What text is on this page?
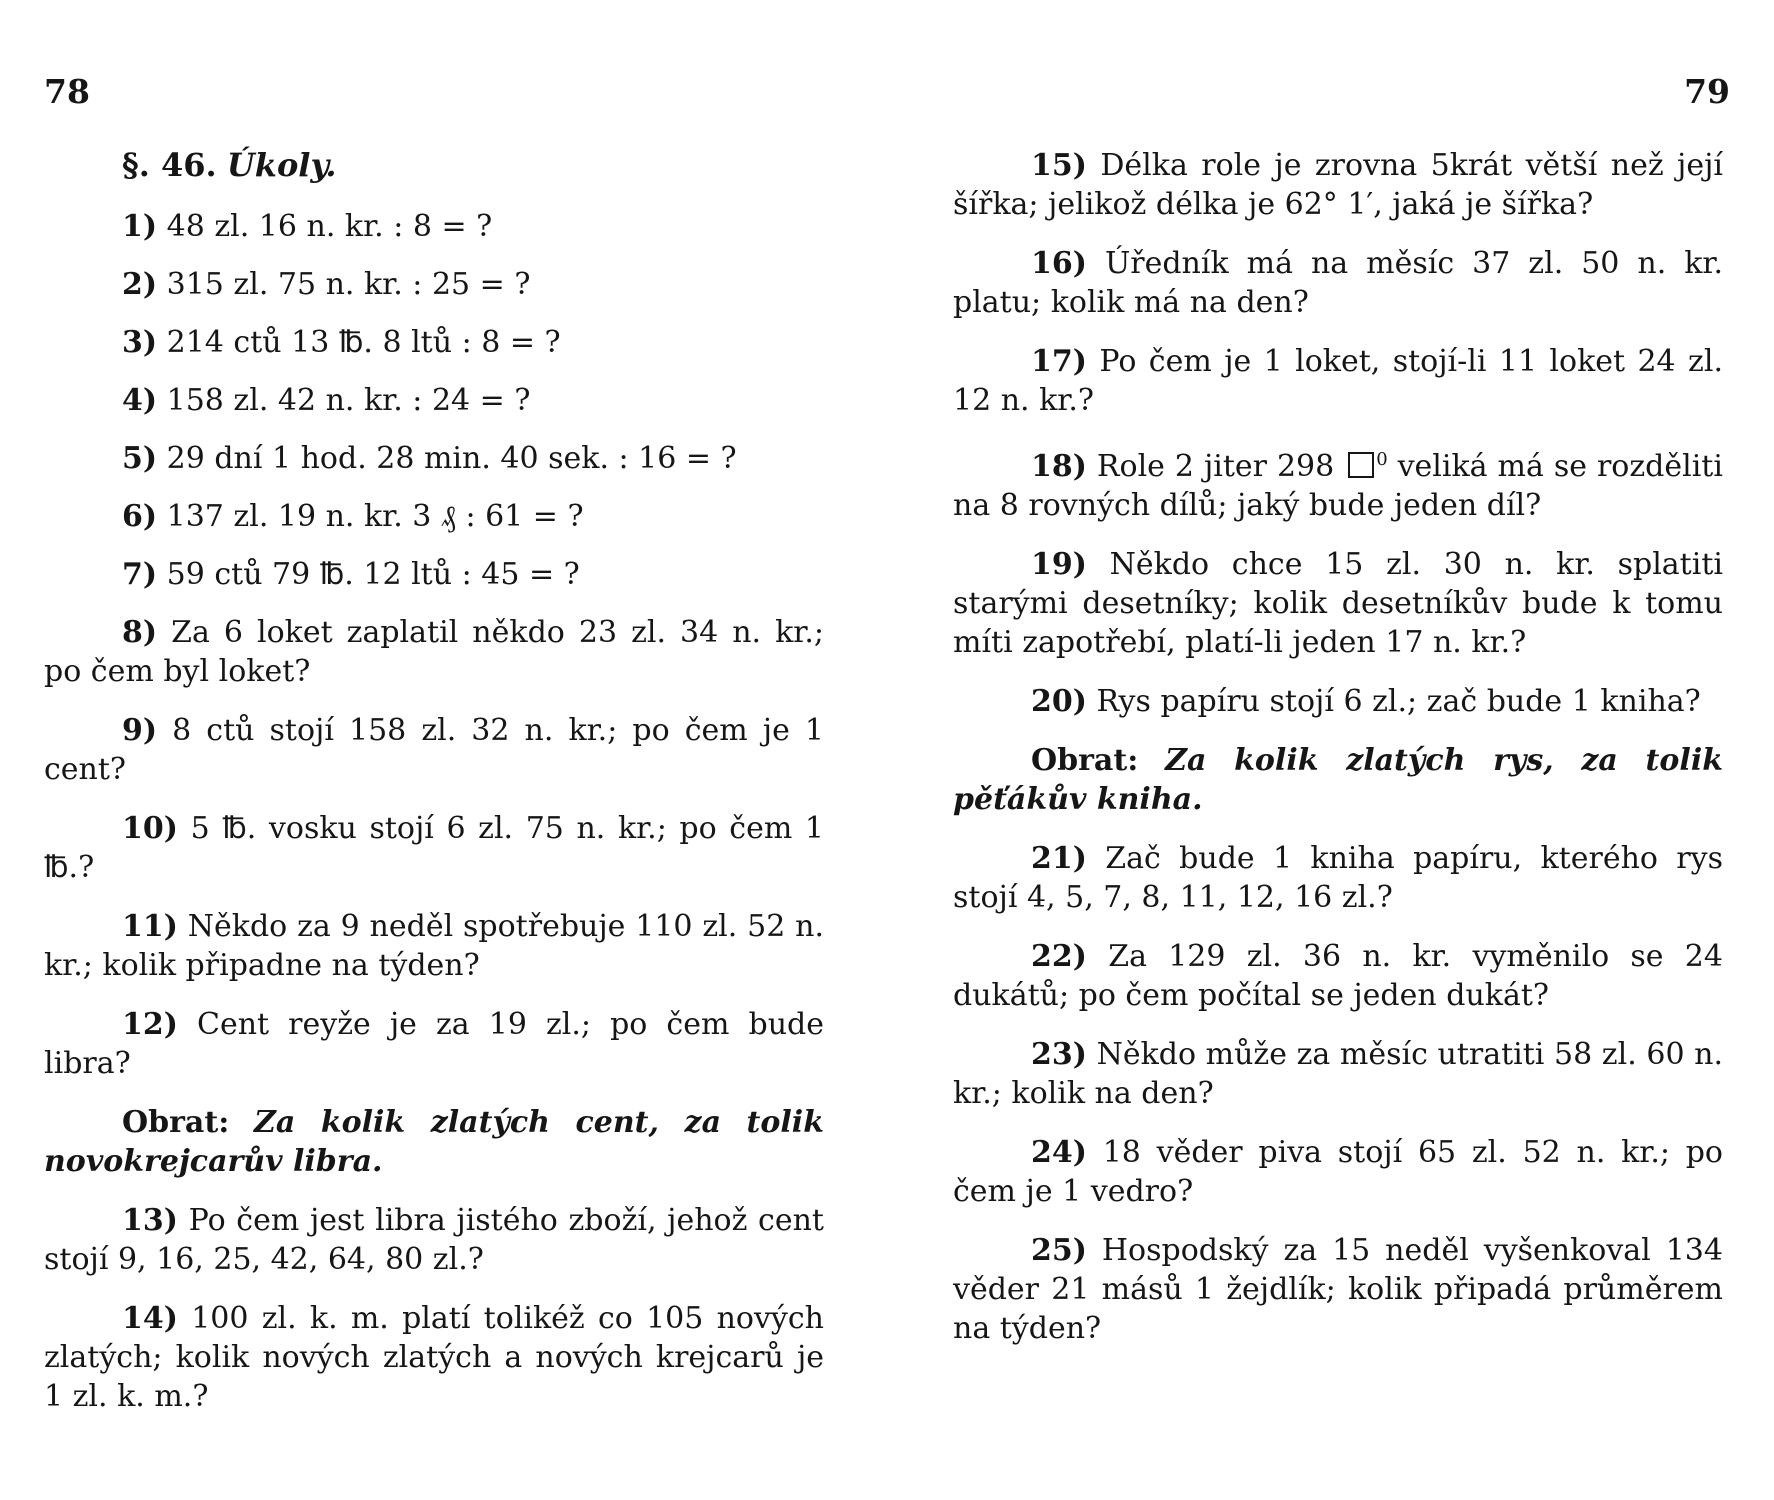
78
§. 46. Úkoly.
1) 48 zl. 16 n. kr. : 8 = ?
2) 315 zl. 75 n. kr. : 25 = ?
3) 214 ctů 13 ℔. 8 ltů : 8 = ?
4) 158 zl. 42 n. kr. : 24 = ?
5) 29 dní 1 hod. 28 min. 40 sek. : 16 = ?
6) 137 zl. 19 n. kr. 3 ₰ : 61 = ?
7) 59 ctů 79 ℔. 12 ltů : 45 = ?

8) Za 6 loket zaplatil někdo 23 zl. 34 n. kr.; po čem byl loket?

9) 8 ctů stojí 158 zl. 32 n. kr.; po čem je 1 cent?

10) 5 ℔. vosku stojí 6 zl. 75 n. kr.; po čem 1 ℔.?

11) Někdo za 9 neděl spotřebuje 110 zl. 52 n. kr.; kolik připadne na týden?

12) Cent reyže je za 19 zl.; po čem bude libra?

Obrat: Za kolik zlatých cent, za tolik novokrejcarův libra.

13) Po čem jest libra jistého zboží, jehož cent stojí 9, 16, 25, 42, 64, 80 zl.?

14) 100 zl. k. m. platí tolikéž co 105 nových zlatých; kolik nových zlatých a nových krejcarů je 1 zl. k. m.?

79

15) Délka role je zrovna 5krát větší než její šířka; jelikož délka je 62° 1′, jaká je šířka?

16) Úředník má na měsíc 37 zl. 50 n. kr. platu; kolik má na den?

17) Po čem je 1 loket, stojí-li 11 loket 24 zl. 12 n. kr.?

18) Role 2 jiter 298 $^0$ veliká má se rozděliti na 8 rovných dílů; jaký bude jeden díl?

19) Někdo chce 15 zl. 30 n. kr. splatiti starými desetníky; kolik desetníkův bude k tomu míti zapotřebí, platí-li jeden 17 n. kr.?

20) Rys papíru stojí 6 zl.; zač bude 1 kniha?

Obrat: Za kolik zlatých rys, za tolik pěťákův kniha.

21) Zač bude 1 kniha papíru, kterého rys stojí 4, 5, 7, 8, 11, 12, 16 zl.?

22) Za 129 zl. 36 n. kr. vyměnilo se 24 dukátů; po čem počítal se jeden dukát?

23) Někdo může za měsíc utratiti 58 zl. 60 n. kr.; kolik na den?

24) 18 věder piva stojí 65 zl. 52 n. kr.; po čem je 1 vedro?

25) Hospodský za 15 neděl vyšenkoval 134 věder 21 másů 1 žejdlík; kolik připadá průměrem na týden?
